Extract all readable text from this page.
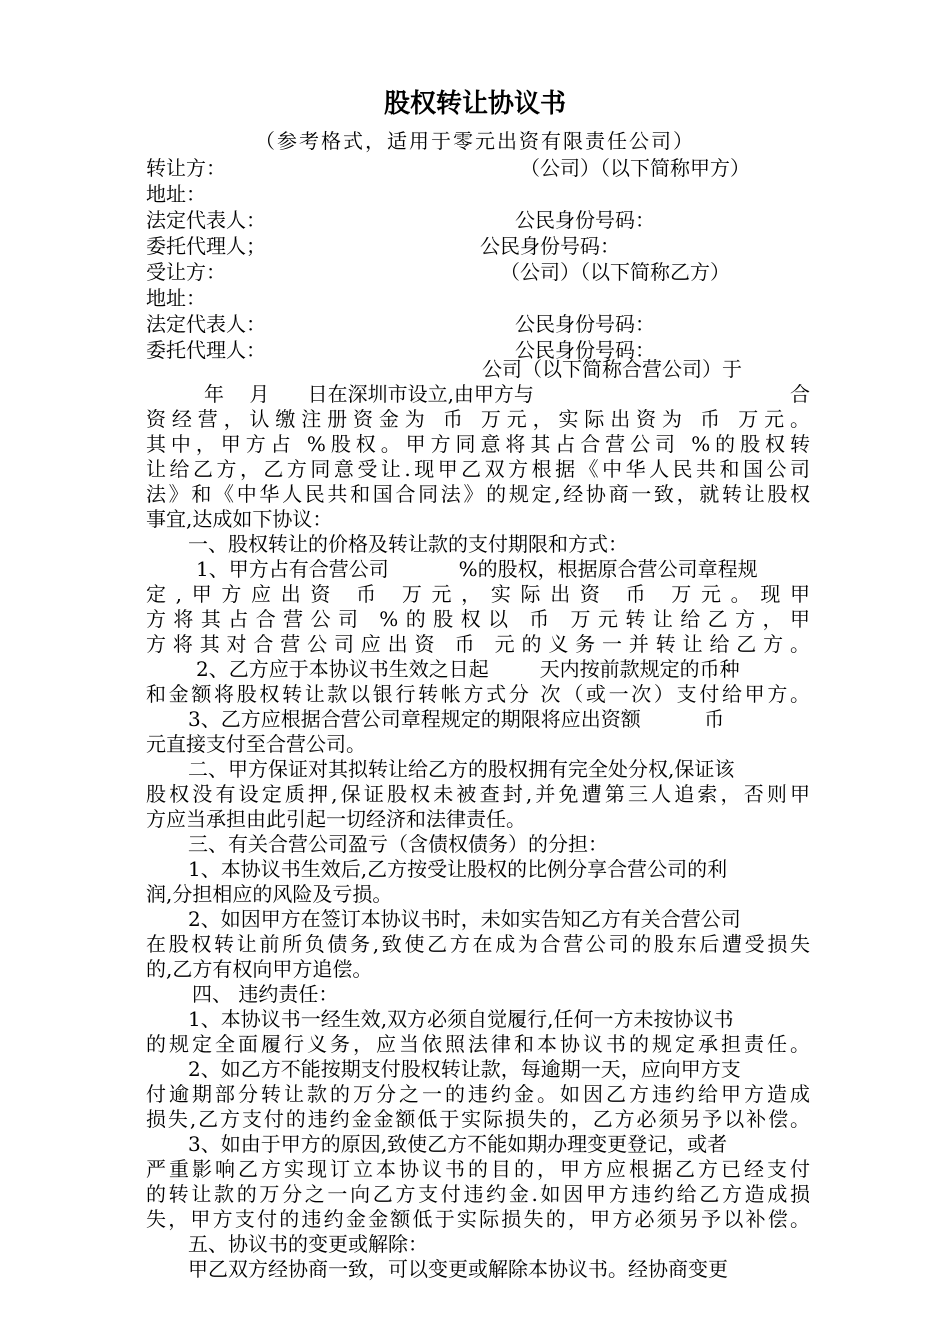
股权转让协议书
（参考格式，适用于零元出资有限责任公司）
转让方：	（公司）（以下简称甲方）
地址：
法定代表人：	公民身份号码：
委托代理人；	公民身份号码：
受让方：	（公司）（以下简称乙方）
地址：
法定代表人：	公民身份号码：
委托代理人：	公民身份号码：
公司（以下简称合营公司）于
年    月      日在深圳市设立,由甲方与	合
资经营，认缴注册资金为 币 万元，实际出资为 币 万元。
其中，甲方占 %股权。甲方同意将其占合营公司 %的股权转
让给乙方，乙方同意受让.现甲乙双方根据《中华人民共和国公司
法》和《中华人民共和国合同法》的规定,经协商一致，就转让股权
事宜,达成如下协议：
一、股权转让的价格及转让款的支付期限和方式：
1、甲方占有合营公司           %的股权，根据原合营公司章程规
定,甲方应出资 币 万元，实际出资 币 万元。现甲
方将其占合营公司 %的股权以 币 万元转让给乙方，甲
方将其对合营公司应出资 币 元的义务一并转让给乙方。
2、乙方应于本协议书生效之日起        天内按前款规定的币种
和金额将股权转让款以银行转帐方式分 次（或一次）支付给甲方。
3、乙方应根据合营公司章程规定的期限将应出资额          币
元直接支付至合营公司。
二、甲方保证对其拟转让给乙方的股权拥有完全处分权,保证该
股权没有设定质押,保证股权未被查封,并免遭第三人追索，否则甲
方应当承担由此引起一切经济和法律责任。
三、有关合营公司盈亏（含债权债务）的分担：
1、本协议书生效后,乙方按受让股权的比例分享合营公司的利
润,分担相应的风险及亏损。
2、如因甲方在签订本协议书时，未如实告知乙方有关合营公司
在股权转让前所负债务,致使乙方在成为合营公司的股东后遭受损失
的,乙方有权向甲方追偿。
四、 违约责任：
1、本协议书一经生效,双方必须自觉履行,任何一方未按协议书
的规定全面履行义务，应当依照法律和本协议书的规定承担责任。
2、如乙方不能按期支付股权转让款，每逾期一天，应向甲方支
付逾期部分转让款的万分之一的违约金。如因乙方违约给甲方造成
损失,乙方支付的违约金金额低于实际损失的，乙方必须另予以补偿。
3、如由于甲方的原因,致使乙方不能如期办理变更登记，或者
严重影响乙方实现订立本协议书的目的，甲方应根据乙方已经支付
的转让款的万分之一向乙方支付违约金.如因甲方违约给乙方造成损
失，甲方支付的违约金金额低于实际损失的，甲方必须另予以补偿。
五、协议书的变更或解除：
甲乙双方经协商一致，可以变更或解除本协议书。经协商变更
